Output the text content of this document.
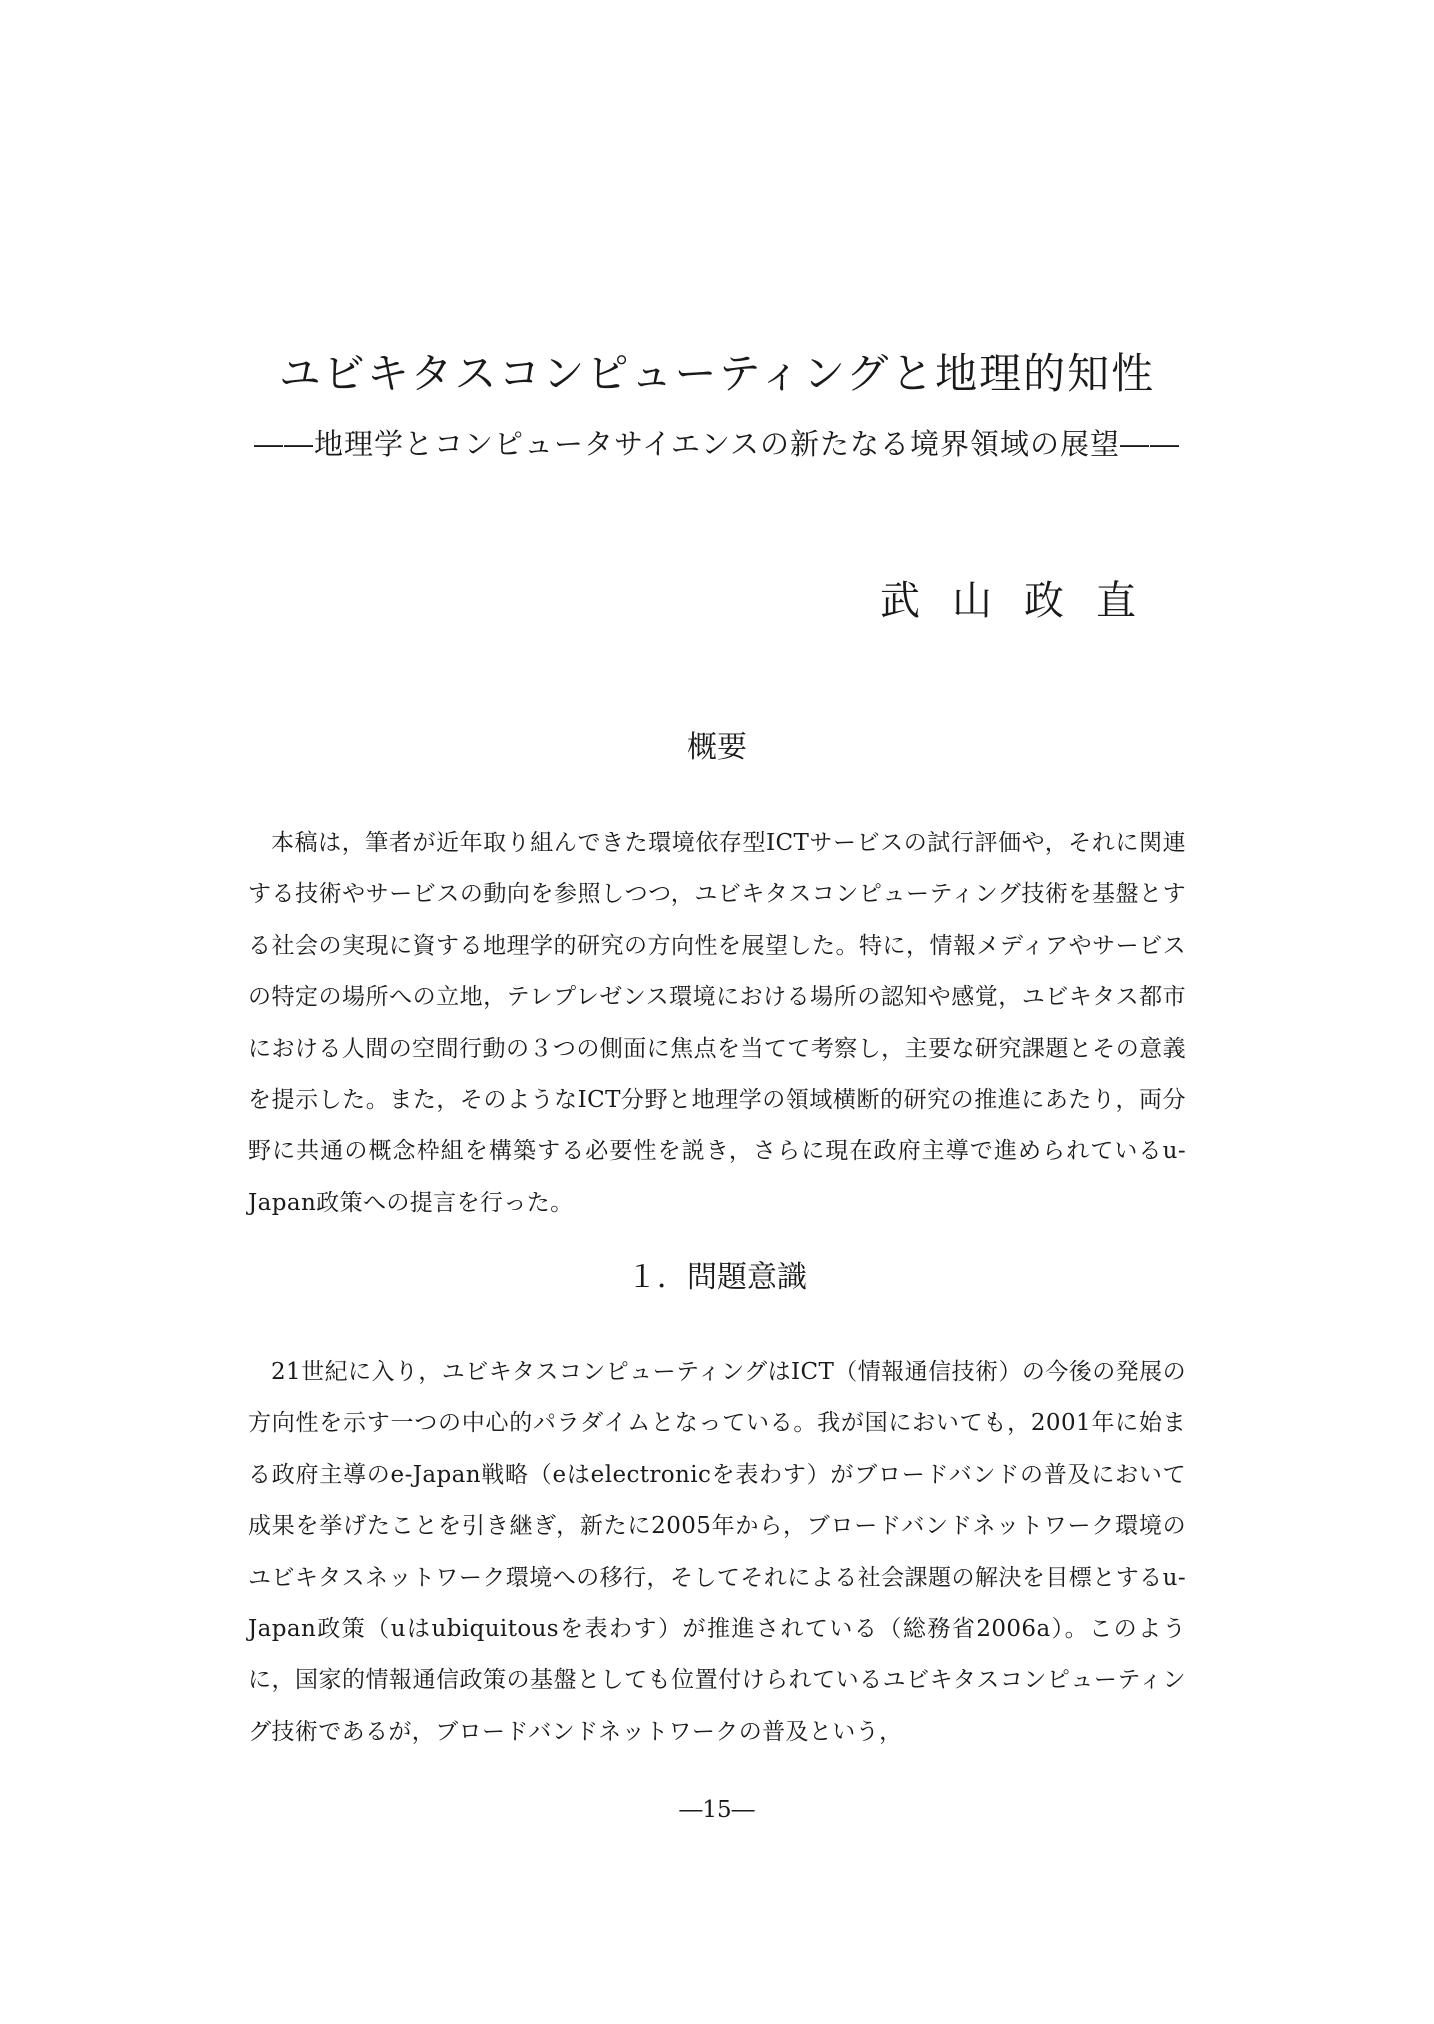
ユビキタスコンピューティングと地理的知性

――地理学とコンピュータサイエンスの新たなる境界領域の展望――

武山政直

概要

本稿は，筆者が近年取り組んできた環境依存型ICTサービスの試行評価や，それに関連する技術やサービスの動向を参照しつつ，ユビキタスコンピューティング技術を基盤とする社会の実現に資する地理学的研究の方向性を展望した。特に，情報メディアやサービスの特定の場所への立地，テレプレゼンス環境における場所の認知や感覚，ユビキタス都市における人間の空間行動の３つの側面に焦点を当てて考察し，主要な研究課題とその意義を提示した。また，そのようなICT分野と地理学の領域横断的研究の推進にあたり，両分野に共通の概念枠組を構築する必要性を説き，さらに現在政府主導で進められているu-Japan政策への提言を行った。

１．問題意識

21世紀に入り，ユビキタスコンピューティングはICT（情報通信技術）の今後の発展の方向性を示す一つの中心的パラダイムとなっている。我が国においても，2001年に始まる政府主導のe-Japan戦略（eはelectronicを表わす）がブロードバンドの普及において成果を挙げたことを引き継ぎ，新たに2005年から，ブロードバンドネットワーク環境のユビキタスネットワーク環境への移行，そしてそれによる社会課題の解決を目標とするu-Japan政策（uはubiquitousを表わす）が推進されている（総務省2006a）。このように，国家的情報通信政策の基盤としても位置付けられているユビキタスコンピューティング技術であるが，ブロードバンドネットワークの普及という，

―15―
